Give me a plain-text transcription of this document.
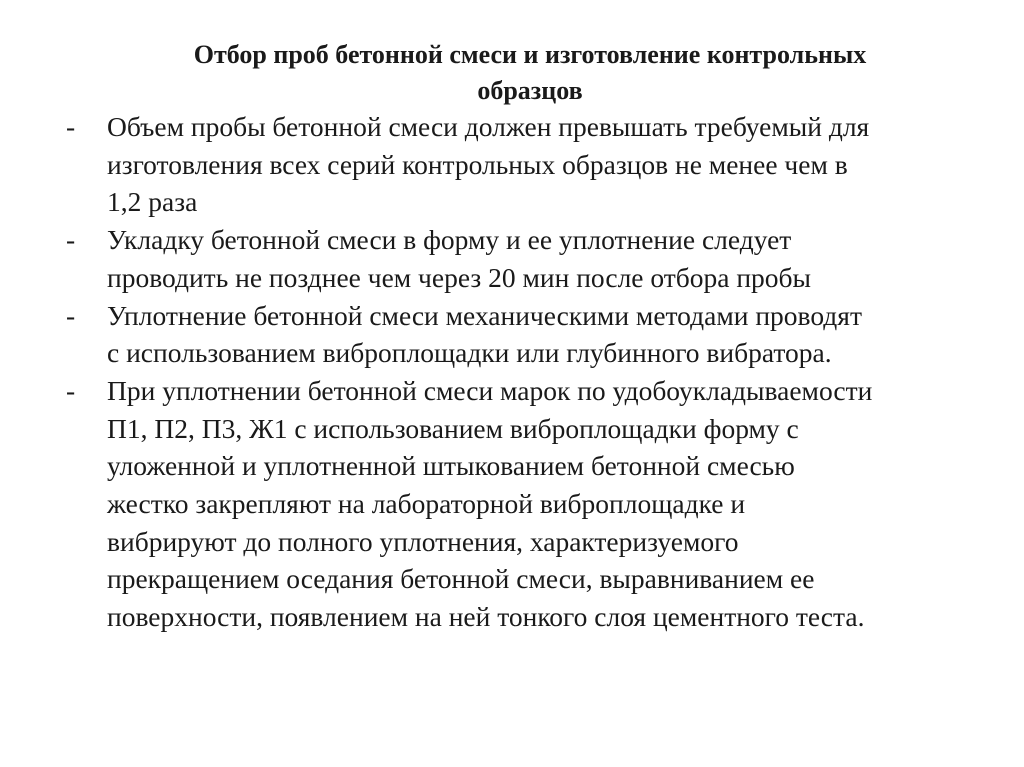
Отбор проб бетонной смеси и изготовление контрольных
образцов
-	Объем пробы бетонной смеси должен превышать требуемый для
изготовления всех серий контрольных образцов не менее чем в
1,2 раза
-	Укладку бетонной смеси в форму и ее уплотнение следует
проводить не позднее чем через 20 мин после отбора пробы
-	Уплотнение бетонной смеси механическими методами проводят
с использованием виброплощадки или глубинного вибратора.
-	При уплотнении бетонной смеси марок по удобоукладываемости
П1, П2, П3, Ж1 с использованием виброплощадки форму с
уложенной и уплотненной штыкованием бетонной смесью
жестко закрепляют на лабораторной виброплощадке и
вибрируют до полного уплотнения, характеризуемого
прекращением оседания бетонной смеси, выравниванием ее
поверхности, появлением на ней тонкого слоя цементного теста.
